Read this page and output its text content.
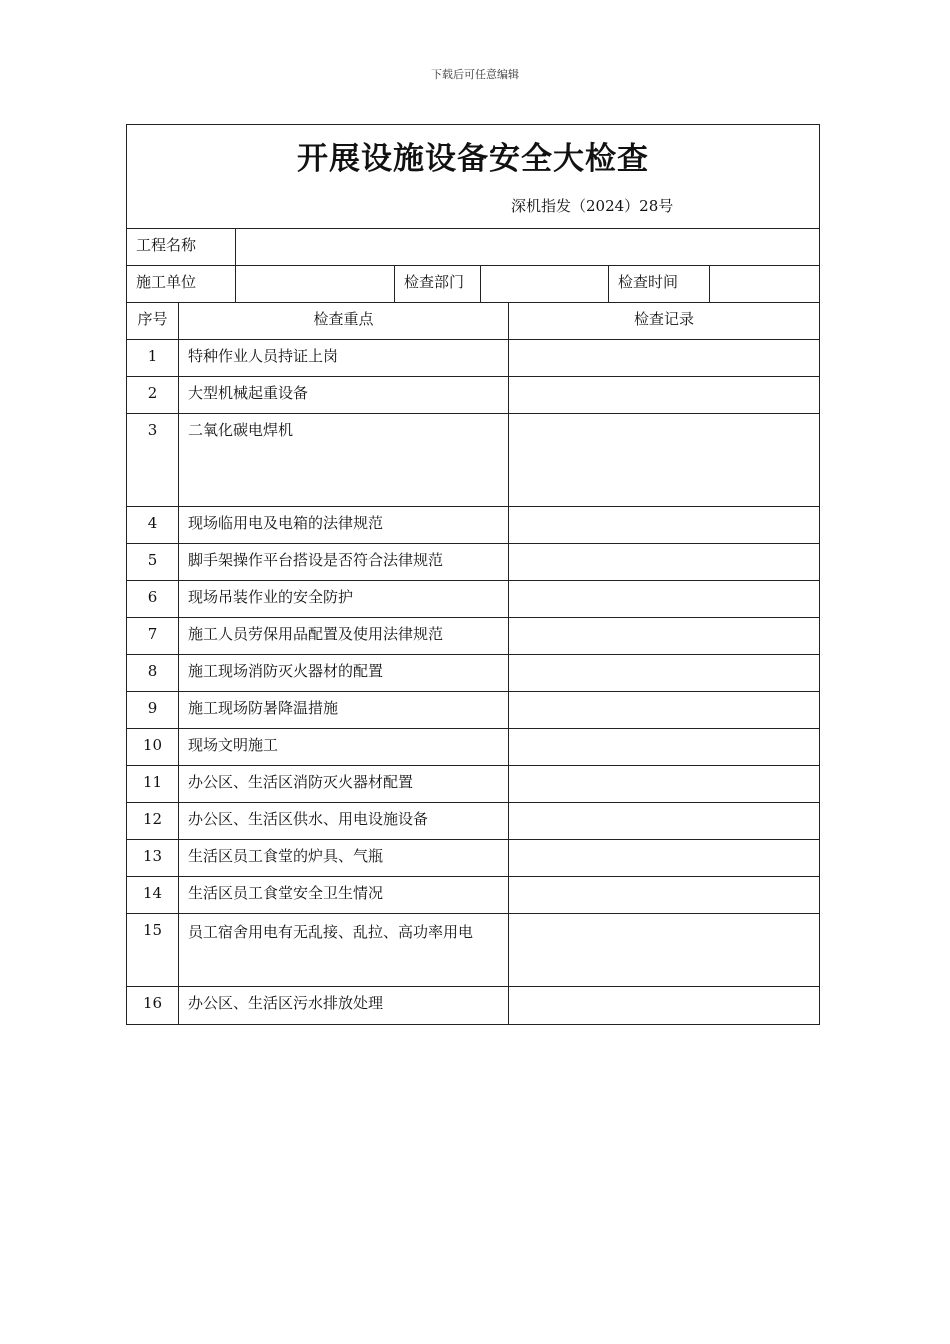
下载后可任意编辑
开展设施设备安全大检查
深机指发（2024）28号
工程名称
施工单位	检查部门	检查时间
序号	检查重点	检查记录
1	特种作业人员持证上岗
2	大型机械起重设备
3	二氧化碳电焊机
4	现场临用电及电箱的法律规范
5	脚手架操作平台搭设是否符合法律规范
6	现场吊装作业的安全防护
7	施工人员劳保用品配置及使用法律规范
8	施工现场消防灭火器材的配置
9	施工现场防暑降温措施
10	现场文明施工
11	办公区、生活区消防灭火器材配置
12	办公区、生活区供水、用电设施设备
13	生活区员工食堂的炉具、气瓶
14	生活区员工食堂安全卫生情况
15	员工宿舍用电有无乱接、乱拉、高功率用电
16	办公区、生活区污水排放处理
